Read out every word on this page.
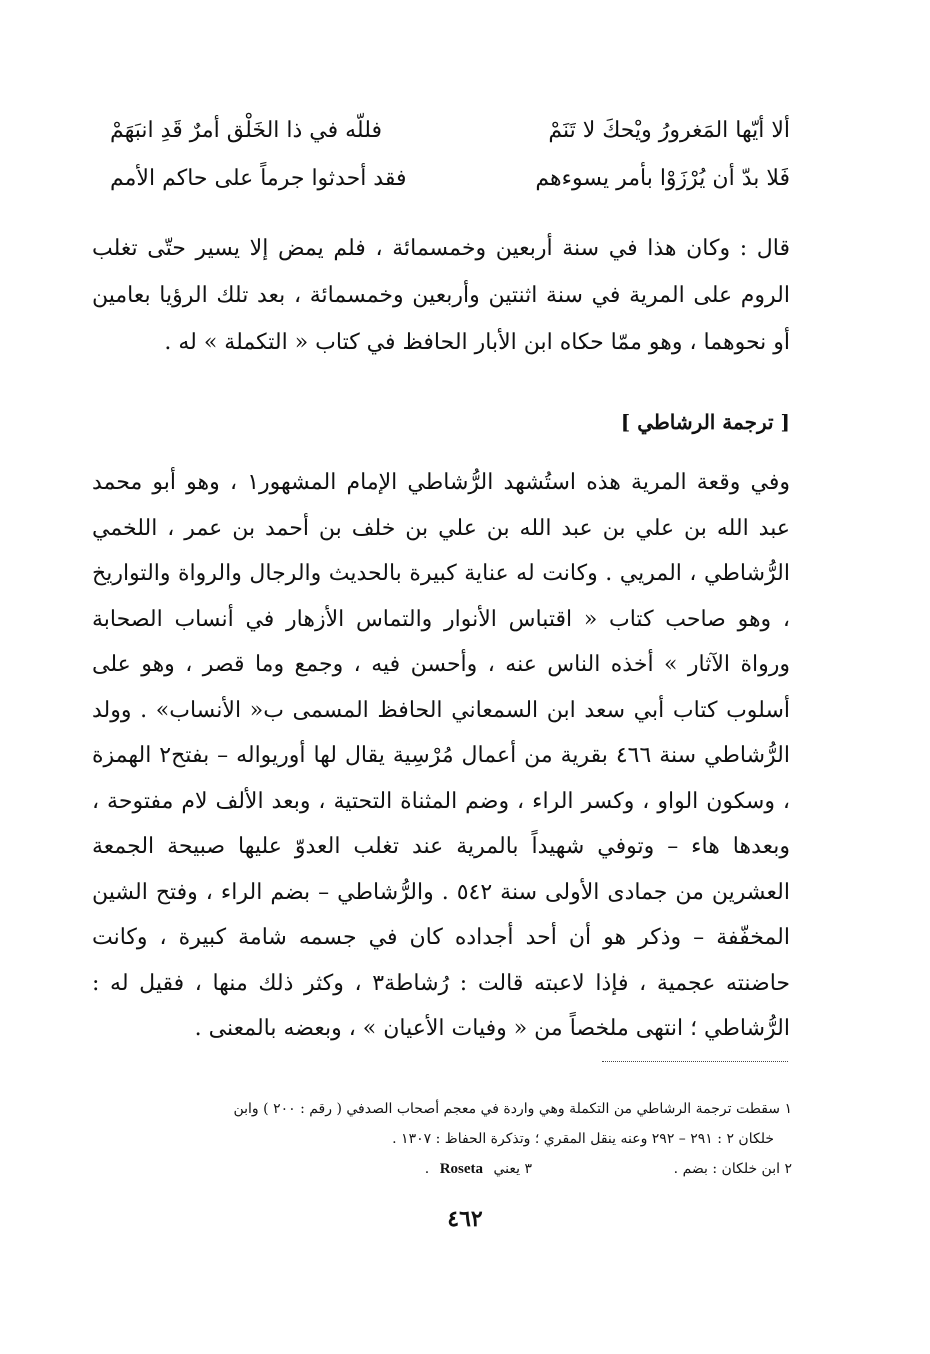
ألا أيّها المَغرورُ ويْحكَ لا تَنَمْ
فللّه في ذا الخَلْق أمرٌ قَدِ انبَهَمْ
فَلا بدّ أن يُرْزَوْا بأمر يسوءهم
فقد أحدثوا جرماً على حاكم الأمم
قال : وكان هذا في سنة أربعين وخمسمائة ، فلم يمض إلا يسير حتّى تغلب الروم على المرية في سنة اثنتين وأربعين وخمسمائة ، بعد تلك الرؤيا بعامين أو نحوهما ، وهو ممّا حكاه ابن الأبار الحافظ في كتاب « التكملة » له .
[ ترجمة الرشاطي ]
وفي وقعة المرية هذه استُشهد الرُّشاطي الإمام المشهور١ ، وهو أبو محمد عبد الله بن علي بن عبد الله بن علي بن خلف بن أحمد بن عمر ، اللخمي الرُّشاطي ، المريي . وكانت له عناية كبيرة بالحديث والرجال والرواة والتواريخ ، وهو صاحب كتاب « اقتباس الأنوار والتماس الأزهار في أنساب الصحابة ورواة الآثار » أخذه الناس عنه ، وأحسن فيه ، وجمع وما قصر ، وهو على أسلوب كتاب أبي سعد ابن السمعاني الحافظ المسمى ب« الأنساب» . وولد الرُّشاطي سنة ٤٦٦ بقرية من أعمال مُرْسِية يقال لها أوريواله – بفتح٢ الهمزة ، وسكون الواو ، وكسر الراء ، وضم المثناة التحتية ، وبعد الألف لام مفتوحة ، وبعدها هاء – وتوفي شهيداً بالمرية عند تغلب العدوّ عليها صبيحة الجمعة العشرين من جمادى الأولى سنة ٥٤٢ . والرُّشاطي – بضم الراء ، وفتح الشين المخفّفة – وذكر هو أن أحد أجداده كان في جسمه شامة كبيرة ، وكانت حاضنته عجمية ، فإذا لاعبته قالت : رُشاطة٣ ، وكثر ذلك منها ، فقيل له : الرُّشاطي ؛ انتهى ملخصاً من « وفيات الأعيان » ، وبعضه بالمعنى .
١ سقطت ترجمة الرشاطي من التكملة وهي واردة في معجم أصحاب الصدفي ( رقم : ٢٠٠ ) وابن
خلكان ٢ : ٢٩١ – ٢٩٢ وعنه ينقل المقري ؛ وتذكرة الحفاظ : ١٣٠٧ .
٢ ابن خلكان : بضم .
٣ يعني Roseta .
٤٦٢
